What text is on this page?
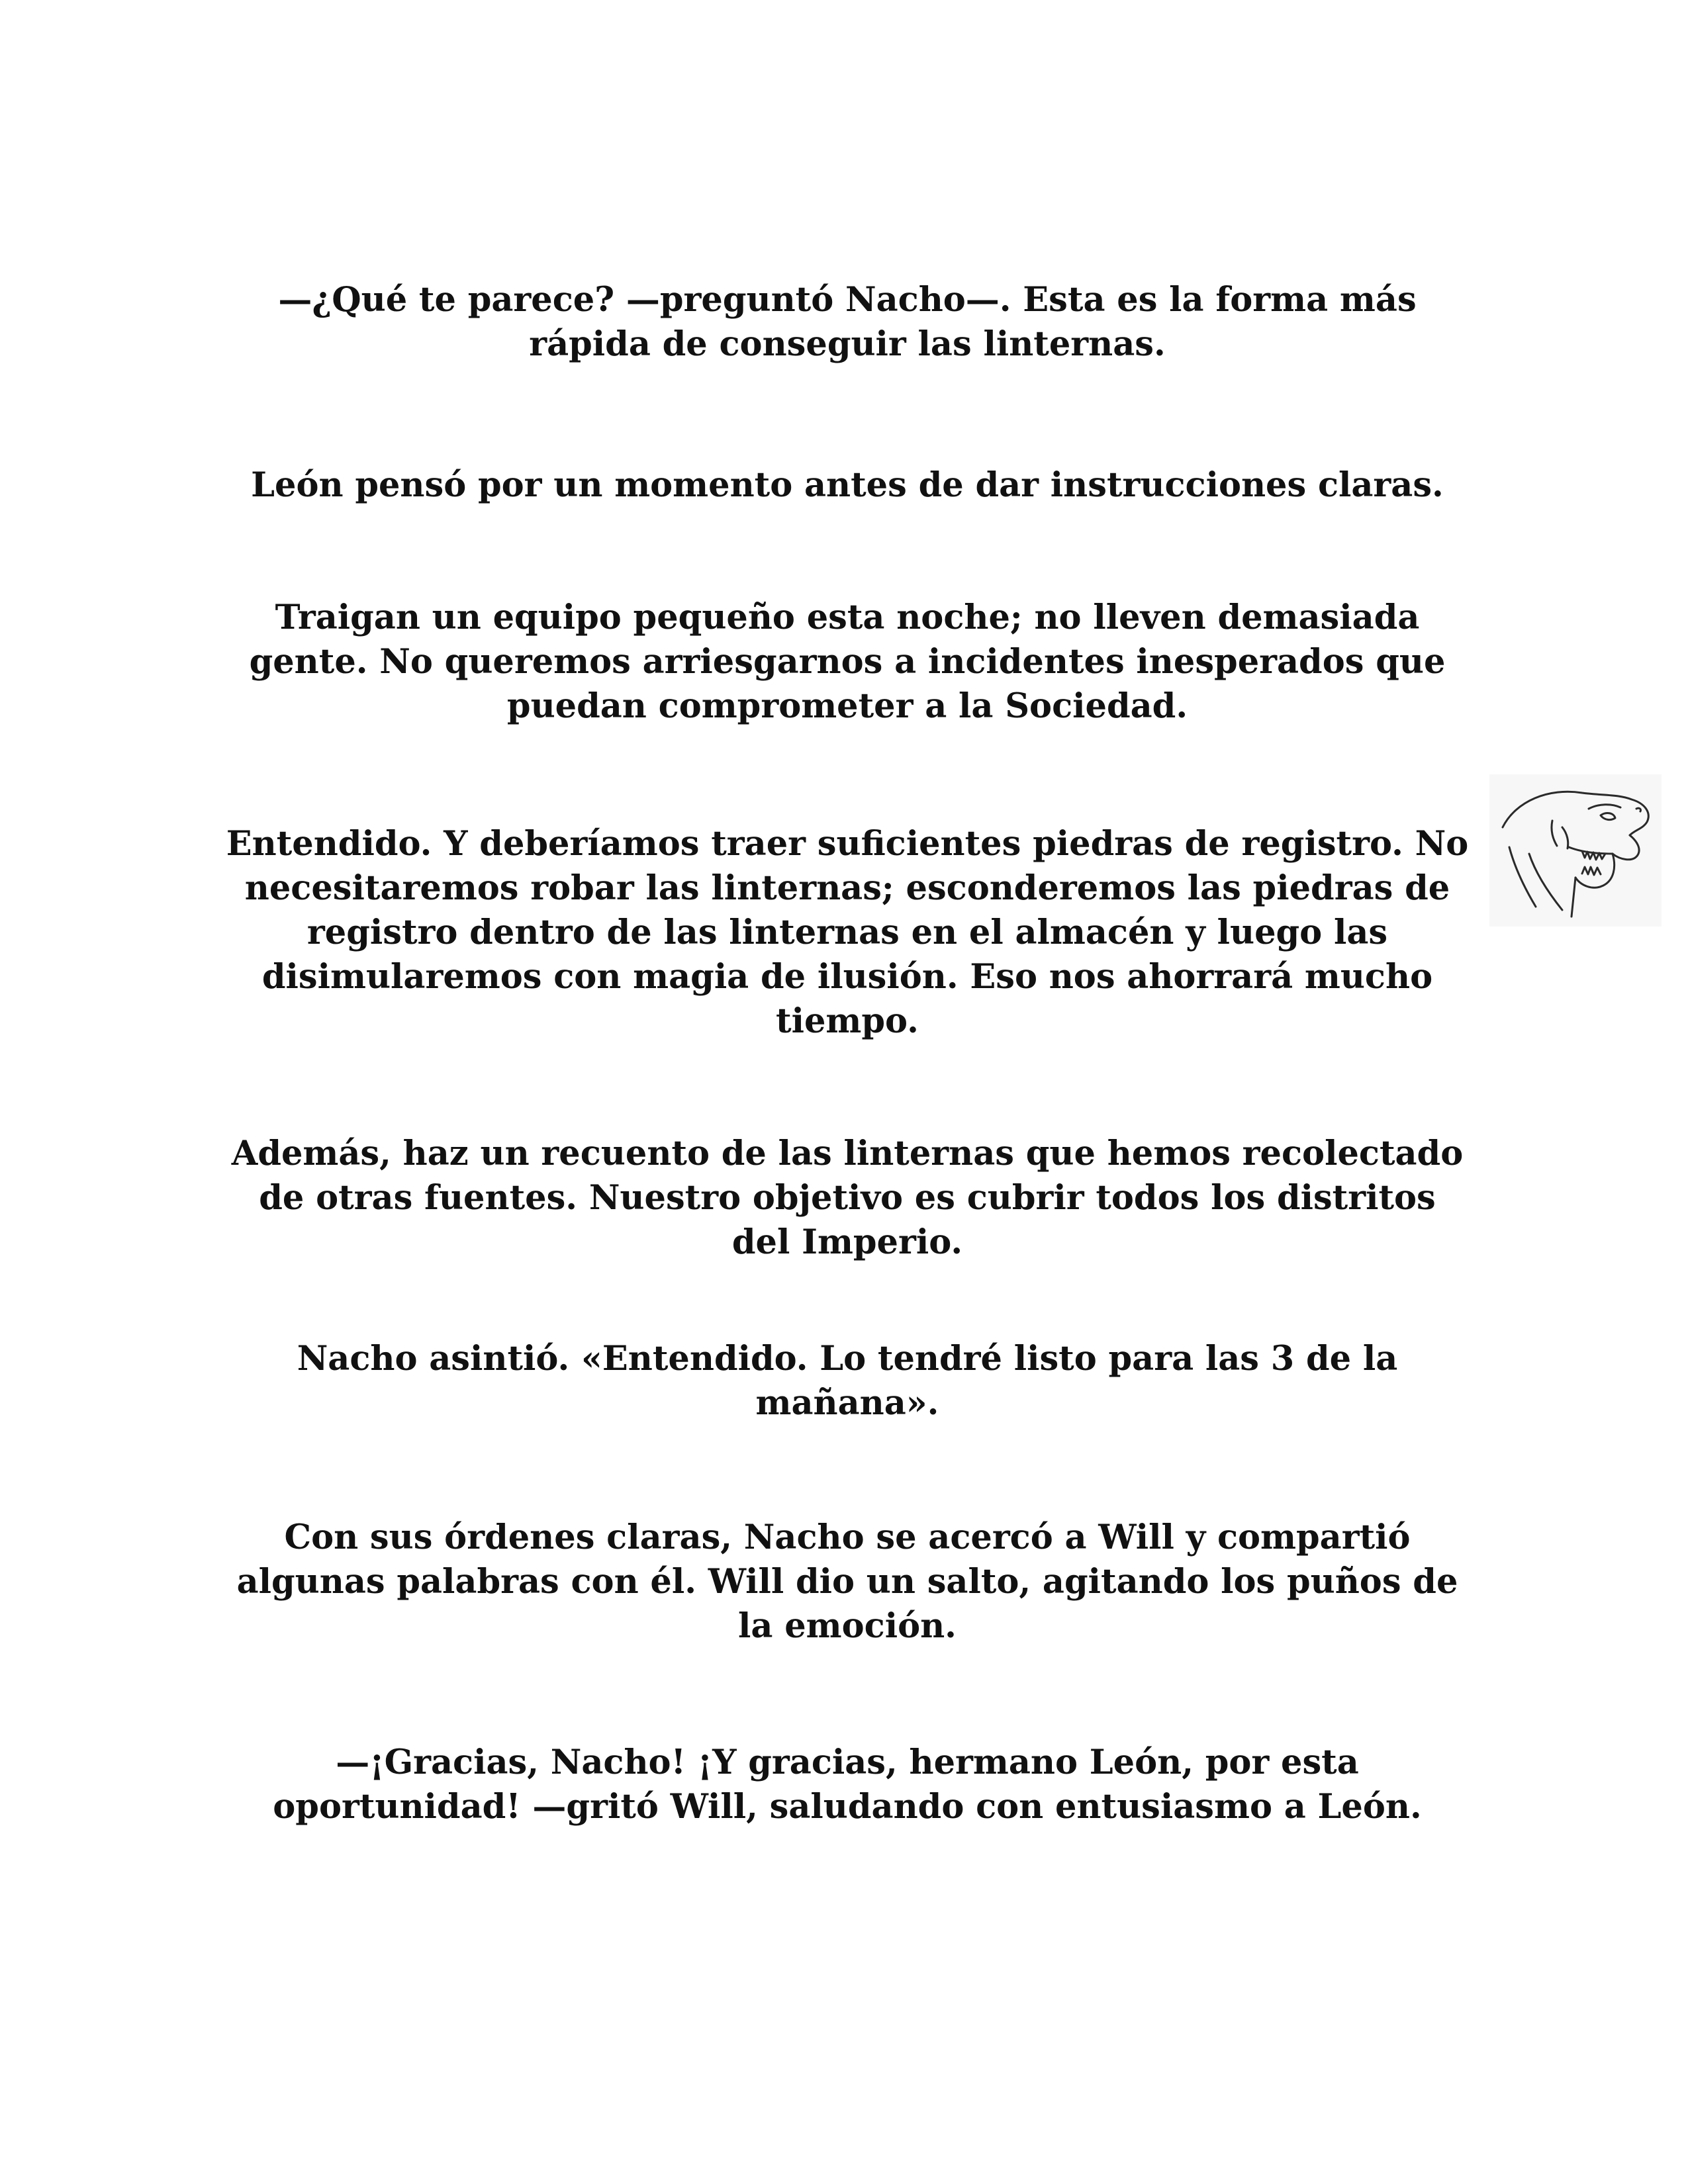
—¿Qué te parece? —preguntó Nacho—. Esta es la forma más rápida de conseguir las linternas.

León pensó por un momento antes de dar instrucciones claras.

Traigan un equipo pequeño esta noche; no lleven demasiada gente. No queremos arriesgarnos a incidentes inesperados que puedan comprometer a la Sociedad.

Entendido. Y deberíamos traer suficientes piedras de registro. No necesitaremos robar las linternas; esconderemos las piedras de registro dentro de las linternas en el almacén y luego las disimularemos con magia de ilusión. Eso nos ahorrará mucho tiempo.

Además, haz un recuento de las linternas que hemos recolectado de otras fuentes. Nuestro objetivo es cubrir todos los distritos del Imperio.

Nacho asintió. «Entendido. Lo tendré listo para las 3 de la mañana».

Con sus órdenes claras, Nacho se acercó a Will y compartió algunas palabras con él. Will dio un salto, agitando los puños de la emoción.

—¡Gracias, Nacho! ¡Y gracias, hermano León, por esta oportunidad! —gritó Will, saludando con entusiasmo a León.
